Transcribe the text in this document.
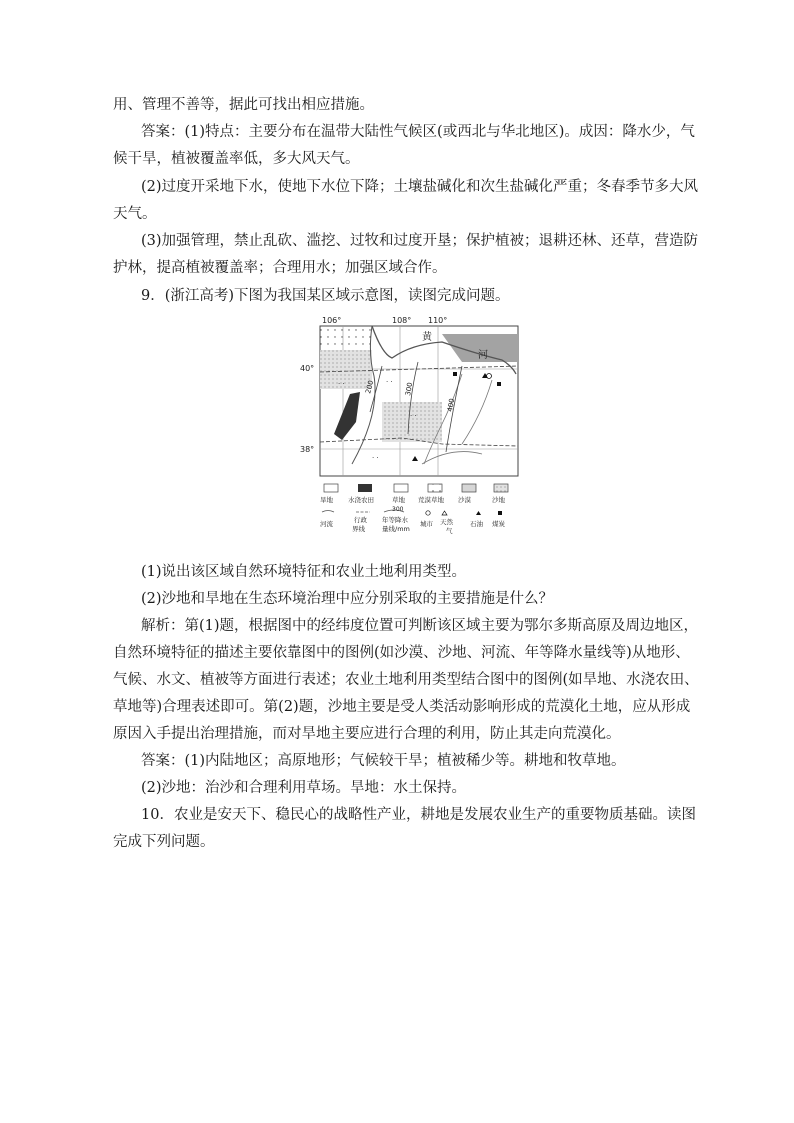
用、管理不善等，据此可找出相应措施。
答案：(1)特点：主要分布在温带大陆性气候区(或西北与华北地区)。成因：降水少，气
候干旱，植被覆盖率低，多大风天气。
(2)过度开采地下水，使地下水位下降；土壤盐碱化和次生盐碱化严重；冬春季节多大风
天气。
(3)加强管理，禁止乱砍、滥挖、过牧和过度开垦；保护植被；退耕还林、还草，营造防
护林，提高植被覆盖率；合理用水；加强区域合作。
9．(浙江高考)下图为我国某区域示意图，读图完成问题。
· ·	· ·
· ·
· ·
106°	108° 110°
40°
38°
黄
河
200	300
400
旱地 水浇农田	草地 荒漠草地 沙漠	沙地
300
河流	行政
界线
年等降水
量线/mm
城市 天然
气
石油 煤炭
(1)说出该区域自然环境特征和农业土地利用类型。
(2)沙地和旱地在生态环境治理中应分别采取的主要措施是什么？
解析：第(1)题，根据图中的经纬度位置可判断该区域主要为鄂尔多斯高原及周边地区，
自然环境特征的描述主要依靠图中的图例(如沙漠、沙地、河流、年等降水量线等)从地形、
气候、水文、植被等方面进行表述；农业土地利用类型结合图中的图例(如旱地、水浇农田、
草地等)合理表述即可。第(2)题，沙地主要是受人类活动影响形成的荒漠化土地，应从形成
原因入手提出治理措施，而对旱地主要应进行合理的利用，防止其走向荒漠化。
答案：(1)内陆地区；高原地形；气候较干旱；植被稀少等。耕地和牧草地。
(2)沙地：治沙和合理利用草场。旱地：水土保持。
10．农业是安天下、稳民心的战略性产业，耕地是发展农业生产的重要物质基础。读图
完成下列问题。
